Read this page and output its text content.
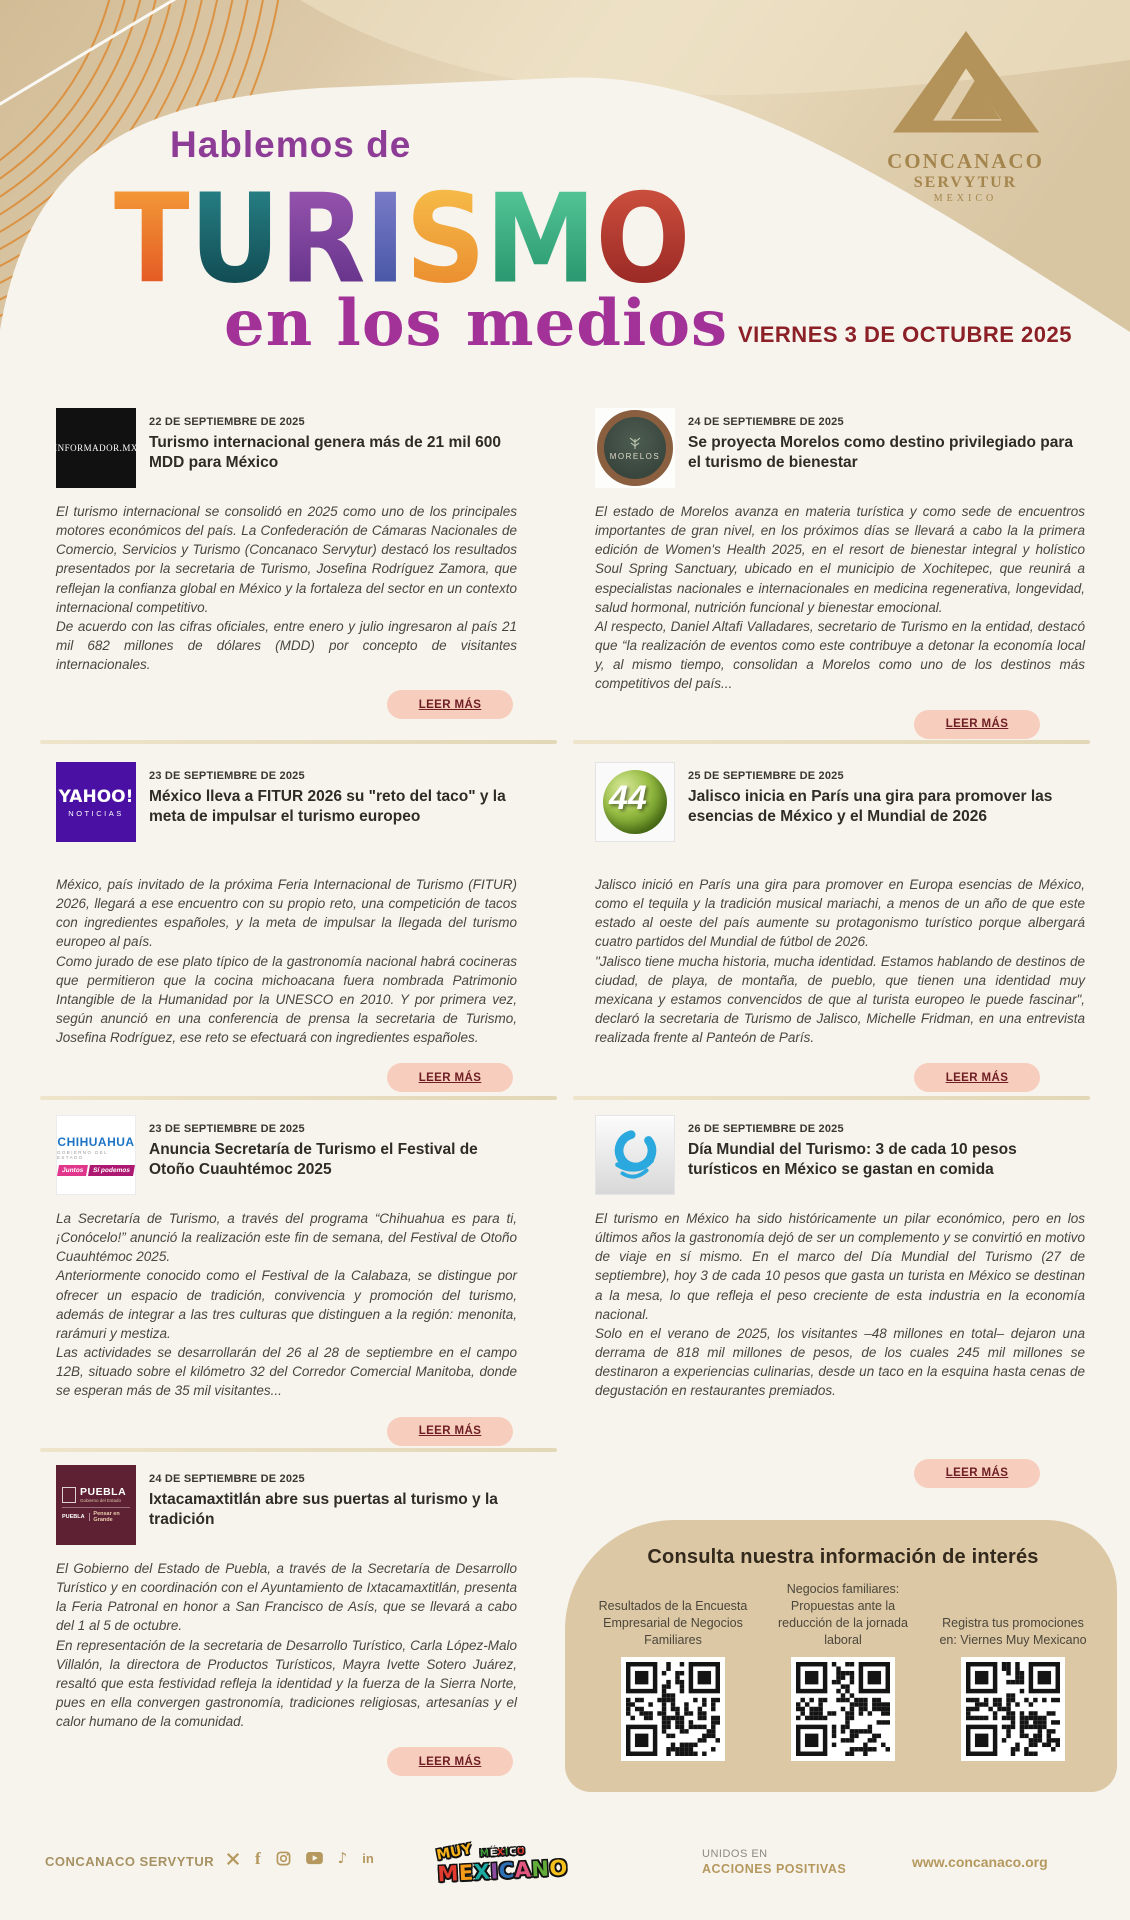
Hablemos de
TURISMO
en los medios VIERNES 3 DE OCTUBRE 2025
CONCANACO
SERVYTUR
MEXICO
INFORMADOR.MX
22 DE SEPTIEMBRE DE 2025
Turismo internacional genera más de 21 mil 600 MDD para México

El turismo internacional se consolidó en 2025 como uno de los principales motores económicos del país. La Confederación de Cámaras Nacionales de Comercio, Servicios y Turismo (Concanaco Servytur) destacó los resultados presentados por la secretaria de Turismo, Josefina Rodríguez Zamora, que reflejan la confianza global en México y la fortaleza del sector en un contexto internacional competitivo.

De acuerdo con las cifras oficiales, entre enero y julio ingresaron al país 21 mil 682 millones de dólares (MDD) por concepto de visitantes internacionales.

LEER MÁS
MORELOS
24 DE SEPTIEMBRE DE 2025
Se proyecta Morelos como destino privilegiado para el turismo de bienestar

El estado de Morelos avanza en materia turística y como sede de encuentros importantes de gran nivel, en los próximos días se llevará a cabo la la primera edición de Women's Health 2025, en el resort de bienestar integral y holístico Soul Spring Sanctuary, ubicado en el municipio de Xochitepec, que reunirá a especialistas nacionales e internacionales en medicina regenerativa, longevidad, salud hormonal, nutrición funcional y bienestar emocional.

Al respecto, Daniel Altafi Valladares, secretario de Turismo en la entidad, destacó que “la realización de eventos como este contribuye a detonar la economía local y, al mismo tiempo, consolidan a Morelos como uno de los destinos más competitivos del país...

LEER MÁS
YAHOO!
NOTICIAS
23 DE SEPTIEMBRE DE 2025
México lleva a FITUR 2026 su "reto del taco" y la meta de impulsar el turismo europeo

México, país invitado de la próxima Feria Internacional de Turismo (FITUR) 2026, llegará a ese encuentro con su propio reto, una competición de tacos con ingredientes españoles, y la meta de impulsar la llegada del turismo europeo al país.

Como jurado de ese plato típico de la gastronomía nacional habrá cocineras que permitieron que la cocina michoacana fuera nombrada Patrimonio Intangible de la Humanidad por la UNESCO en 2010. Y por primera vez, según anunció en una conferencia de prensa la secretaria de Turismo, Josefina Rodríguez, ese reto se efectuará con ingredientes españoles.

LEER MÁS
44
25 DE SEPTIEMBRE DE 2025
Jalisco inicia en París una gira para promover las esencias de México y el Mundial de 2026

Jalisco inició en París una gira para promover en Europa esencias de México, como el tequila y la tradición musical mariachi, a menos de un año de que este estado al oeste del país aumente su protagonismo turístico porque albergará cuatro partidos del Mundial de fútbol de 2026.

"Jalisco tiene mucha historia, mucha identidad. Estamos hablando de destinos de ciudad, de playa, de montaña, de pueblo, que tienen una identidad muy mexicana y estamos convencidos de que al turista europeo le puede fascinar", declaró la secretaria de Turismo de Jalisco, Michelle Fridman, en una entrevista realizada frente al Panteón de París.

LEER MÁS
CHIHUAHUA
GOBIERNO DEL ESTADO
Juntos	Sí podemos
23 DE SEPTIEMBRE DE 2025
Anuncia Secretaría de Turismo el Festival de Otoño Cuauhtémoc 2025

La Secretaría de Turismo, a través del programa “Chihuahua es para ti, ¡Conócelo!” anunció la realización este fin de semana, del Festival de Otoño Cuauhtémoc 2025.

Anteriormente conocido como el Festival de la Calabaza, se distingue por ofrecer un espacio de tradición, convivencia y promoción del turismo, además de integrar a las tres culturas que distinguen a la región: menonita, rarámuri y mestiza.

Las actividades se desarrollarán del 26 al 28 de septiembre en el campo 12B, situado sobre el kilómetro 32 del Corredor Comercial Manitoba, donde se esperan más de 35 mil visitantes...

LEER MÁS
26 DE SEPTIEMBRE DE 2025
Día Mundial del Turismo: 3 de cada 10 pesos turísticos en México se gastan en comida

El turismo en México ha sido históricamente un pilar económico, pero en los últimos años la gastronomía dejó de ser un complemento y se convirtió en motivo de viaje en sí mismo. En el marco del Día Mundial del Turismo (27 de septiembre), hoy 3 de cada 10 pesos que gasta un turista en México se destinan a la mesa, lo que refleja el peso creciente de esta industria en la economía nacional.

Solo en el verano de 2025, los visitantes –48 millones en total– dejaron una derrama de 818 mil millones de pesos, de los cuales 245 mil millones se destinaron a experiencias culinarias, desde un taco en la esquina hasta cenas de degustación en restaurantes premiados.

LEER MÁS
PUEBLA
Gobierno del Estado
PUEBLA Pensar en Grande
24 DE SEPTIEMBRE DE 2025
Ixtacamaxtitlán abre sus puertas al turismo y la tradición

El Gobierno del Estado de Puebla, a través de la Secretaría de Desarrollo Turístico y en coordinación con el Ayuntamiento de Ixtacamaxtitlán, presenta la Feria Patronal en honor a San Francisco de Asís, que se llevará a cabo del 1 al 5 de octubre.

En representación de la secretaria de Desarrollo Turístico, Carla López-Malo Villalón, la directora de Productos Turísticos, Mayra Ivette Sotero Juárez, resaltó que esta festividad refleja la identidad y la fuerza de la Sierra Norte, pues en ella convergen gastronomía, tradiciones religiosas, artesanías y el calor humano de la comunidad.

LEER MÁS
Consulta nuestra información de interés

Resultados de la Encuesta Empresarial de Negocios Familiares

Negocios familiares: Propuestas ante la reducción de la jornada laboral

Registra tus promociones en: Viernes Muy Mexicano

CONCANACO SERVYTUR f	♪ in	MUY MÉXICO
MEXICANO
UNIDOS EN
ACCIONES POSITIVAS	www.concanaco.org
